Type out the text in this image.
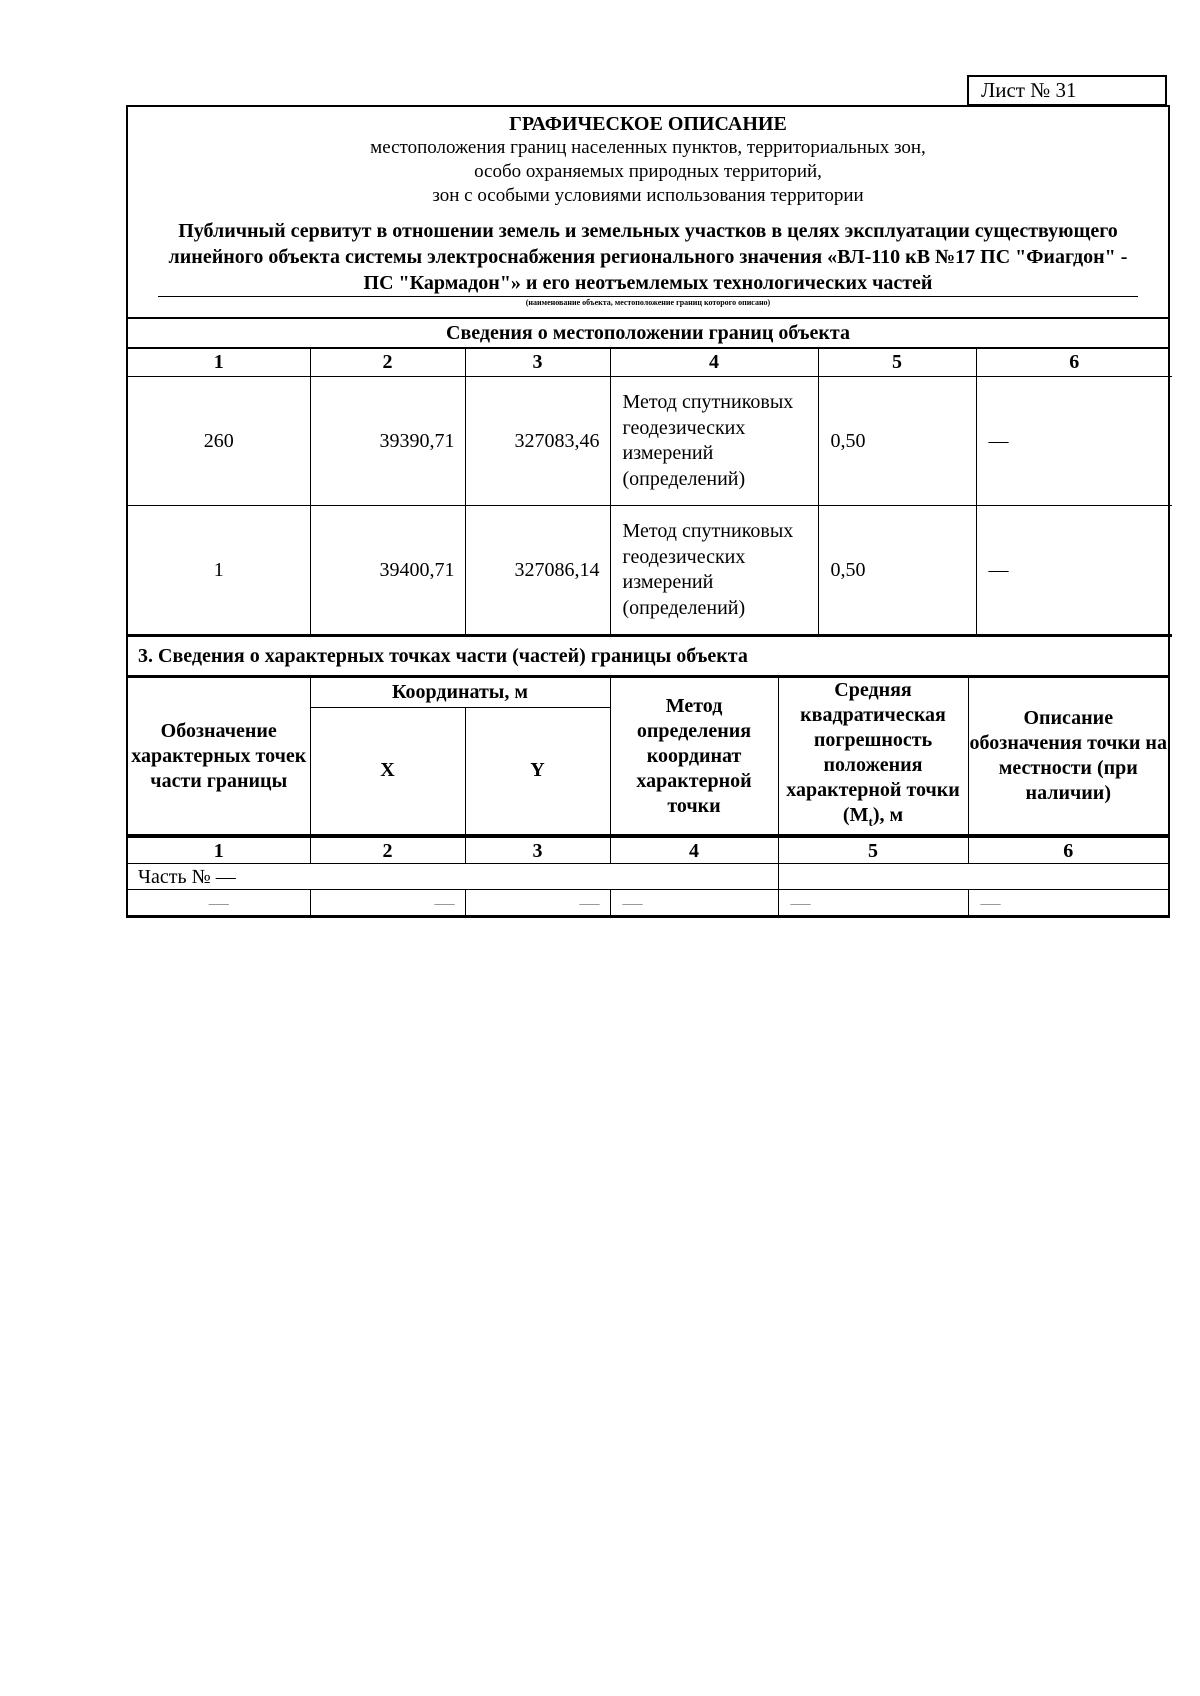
Лист № 31
ГРАФИЧЕСКОЕ ОПИСАНИЕ
местоположения границ населенных пунктов, территориальных зон,
особо охраняемых природных территорий,
зон с особыми условиями использования территории
Публичный сервитут в отношении земель и земельных участков в целях эксплуатации существующего линейного объекта системы электроснабжения регионального значения «ВЛ-110 кВ №17 ПС "Фиагдон" - ПС "Кармадон"» и его неотъемлемых технологических частей
(наименование объекта, местоположение границ которого описано)
Сведения о местоположении границ объекта
1	2	3	4	5	6
260	39390,71	327083,46	Метод спутниковых геодезических измерений (определений)	0,50	—
1	39400,71	327086,14	Метод спутниковых геодезических измерений (определений)	0,50	—
3. Сведения о характерных точках части (частей) границы объекта
Обозначение характерных точек части границы	Координаты, м		Метод определения координат характерной точки	Средняя квадратическая погрешность положения характерной точки $(M_t)$, м	Описание обозначения точки на местности (при наличии)
	X	Y			
1	2	3	4	5	6
Часть № —					
—	—	—	—	—	—
